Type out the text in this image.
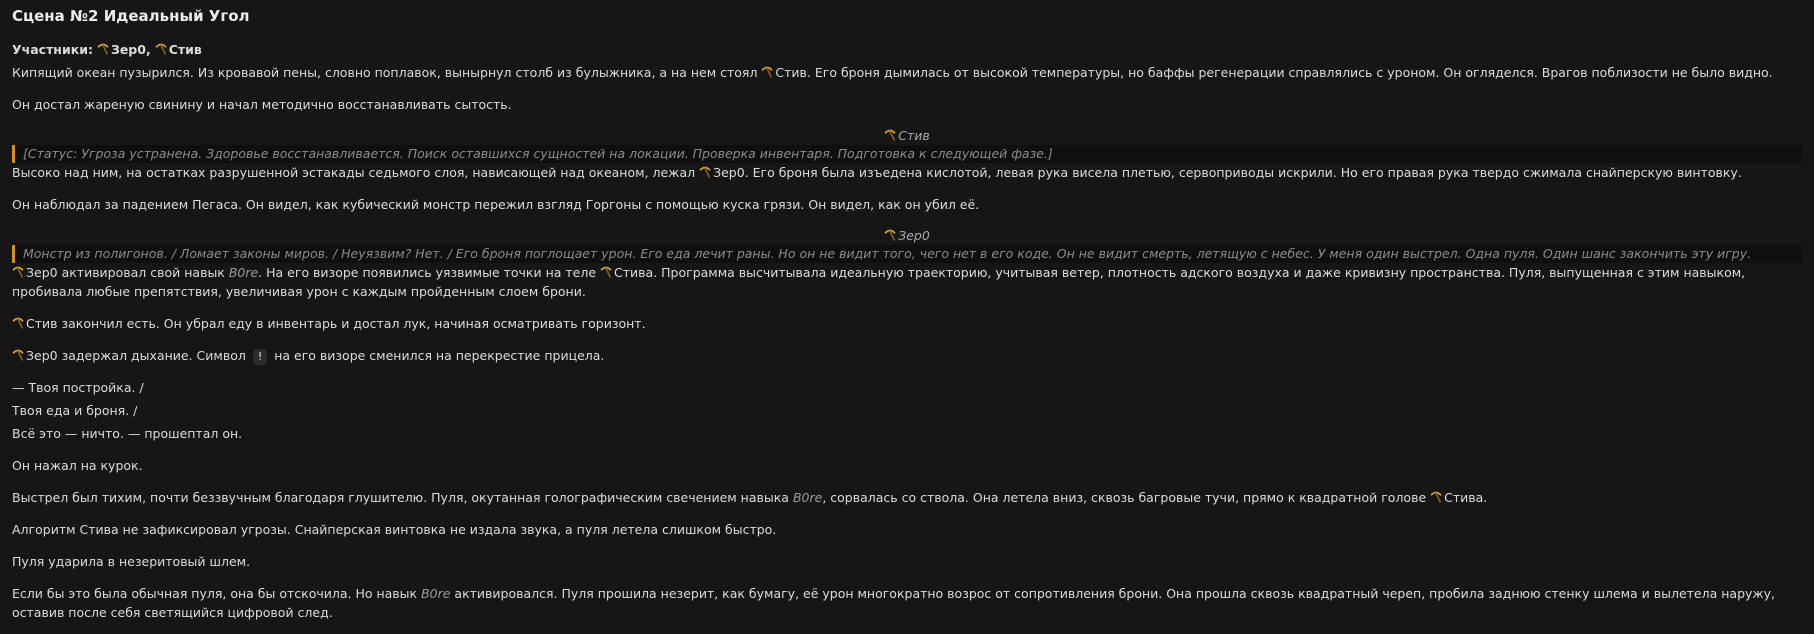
Сцена №2 Идеальный Угол
Участники: Зер0, Стив
Кипящий океан пузырился. Из кровавой пены, словно поплавок, вынырнул столб из булыжника, а на нем стоял Стив. Его броня дымилась от высокой температуры, но баффы регенерации справлялись с уроном. Он огляделся. Врагов поблизости не было видно.
Он достал жареную свинину и начал методично восстанавливать сытость.
Стив
[Статус: Угроза устранена. Здоровье восстанавливается. Поиск оставшихся сущностей на локации. Проверка инвентаря. Подготовка к следующей фазе.]
Высоко над ним, на остатках разрушенной эстакады седьмого слоя, нависающей над океаном, лежал Зер0. Его броня была изъедена кислотой, левая рука висела плетью, сервоприводы искрили. Но его правая рука твердо сжимала снайперскую винтовку.
Он наблюдал за падением Пегаса. Он видел, как кубический монстр пережил взгляд Горгоны с помощью куска грязи. Он видел, как он убил её.
Зер0
Монстр из полигонов. / Ломает законы миров. / Неуязвим? Нет. / Его броня поглощает урон. Его еда лечит раны. Но он не видит того, чего нет в его коде. Он не видит смерть, летящую с небес. У меня один выстрел. Одна пуля. Один шанс закончить эту игру.
Зер0 активировал свой навык B0re. На его визоре появились уязвимые точки на теле Стива. Программа высчитывала идеальную траекторию, учитывая ветер, плотность адского воздуха и даже кривизну пространства. Пуля, выпущенная с этим навыком, пробивала любые препятствия, увеличивая урон с каждым пройденным слоем брони.
Стив закончил есть. Он убрал еду в инвентарь и достал лук, начиная осматривать горизонт.
Зер0 задержал дыхание. Символ ! на его визоре сменился на перекрестие прицела.
— Твоя постройка. /
Твоя еда и броня. /
Всё это — ничто. — прошептал он.
Он нажал на курок.
Выстрел был тихим, почти беззвучным благодаря глушителю. Пуля, окутанная голографическим свечением навыка B0re, сорвалась со ствола. Она летела вниз, сквозь багровые тучи, прямо к квадратной голове Стива.
Алгоритм Стива не зафиксировал угрозы. Снайперская винтовка не издала звука, а пуля летела слишком быстро.
Пуля ударила в незеритовый шлем.
Если бы это была обычная пуля, она бы отскочила. Но навык B0re активировался. Пуля прошила незерит, как бумагу, её урон многократно возрос от сопротивления брони. Она прошла сквозь квадратный череп, пробила заднюю стенку шлема и вылетела наружу, оставив после себя светящийся цифровой след.
